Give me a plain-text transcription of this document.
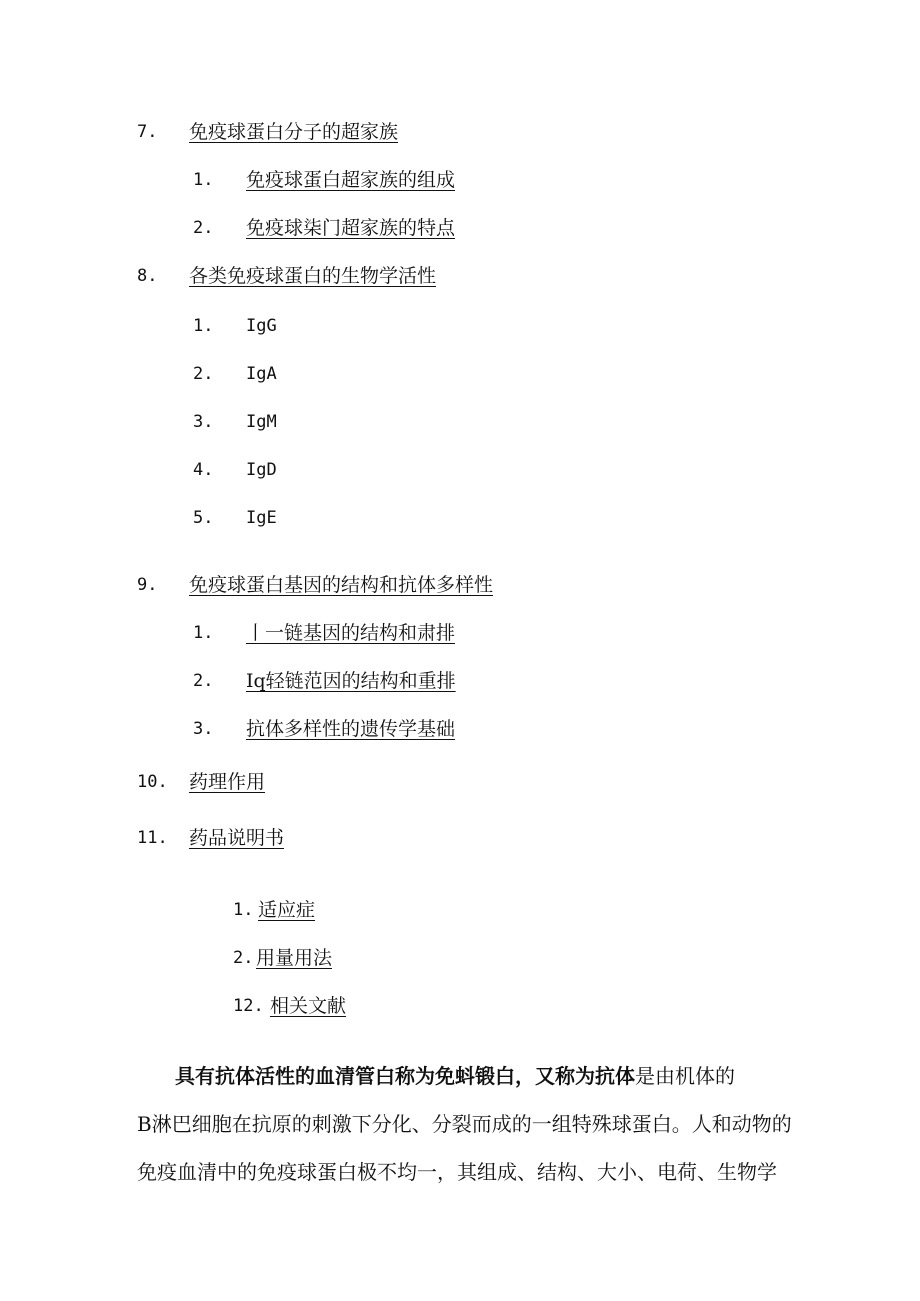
7. 免疫球蛋白分子的超家族
1. 免疫球蛋白超家族的组成
2. 免疫球柒门超家族的特点
8. 各类免疫球蛋白的生物学活性
1. IgG
2. IgA
3. IgM
4. IgD
5. IgE
9. 免疫球蛋白基因的结构和抗体多样性
1. 丨一链基因的结构和肃排
2. Iq轻链范因的结构和重排
3. 抗体多样性的遗传学基础
10. 药理作用
11. 药品说明书
1. 适应症
2. 用量用法
12. 相关文献
具有抗体活性的血清管白称为免蚪锻白，又称为抗体是由机体的
B淋巴细胞在抗原的刺激下分化、分裂而成的一组特殊球蛋白。人和动物的
免疫血清中的免疫球蛋白极不均一，其组成、结构、大小、电荷、生物学
